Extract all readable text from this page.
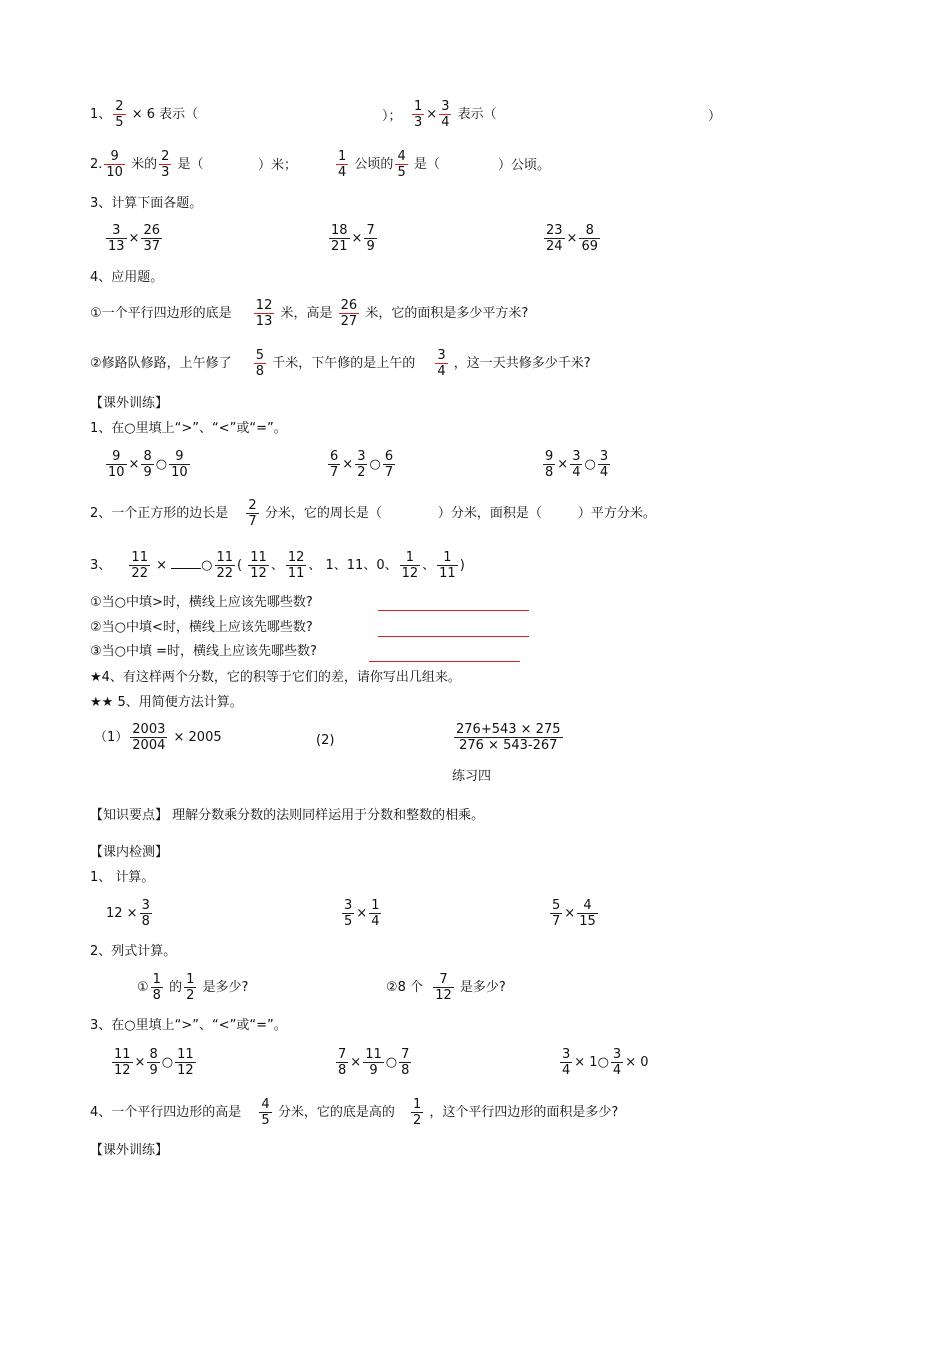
1、 $\frac{2}{5} \times 6$ 表示（	）； $\frac{1}{3} \times \frac{3}{4}$ 表示（	）
2. $\frac{9}{10}$ 米的 $\frac{2}{3}$ 是（	）米；	$\frac{1}{4}$ 公顷的 $\frac{4}{5}$ 是（	）公顷。
3、计算下面各题。
$\frac{3}{13} \times \frac{26}{37}$	$\frac{18}{21} \times \frac{7}{9}$	$\frac{23}{24} \times \frac{8}{69}$
4、应用题。
①一个平行四边形的底是 $\frac{12}{13}$ 米，高是 $\frac{26}{27}$ 米，它的面积是多少平方米?
②修路队修路，上午修了 $\frac{5}{8}$ 千米，下午修的是上午的 $\frac{3}{4}$ ，这一天共修多少千米?
【课外训练】
1、在○里填上“>”、“<”或“=”。
$\frac{9}{10} \times \frac{8}{9}$ ○ $\frac{9}{10}$	$\frac{6}{7} \times \frac{3}{2}$ ○ $\frac{6}{7}$	$\frac{9}{8} \times \frac{3}{4}$ ○ $\frac{3}{4}$
2、一个正方形的边长是 $\frac{2}{7}$ 分米，它的周长是（	）分米，面积是（	）平方分米。
3、 $\frac{11}{22}$ ×	○ $\frac{11}{22}$ ( $\frac{11}{12}$ 、 $\frac{12}{11}$ 、 1、11、0、 $\frac{1}{12}$ 、 $\frac{1}{11}$ )
①当○中填>时，横线上应该先哪些数?
②当○中填<时，横线上应该先哪些数?
③当○中填 =时，横线上应该先哪些数?
★4、有这样两个分数，它的积等于它们的差，请你写出几组来。
★★ 5、用简便方法计算。
$(1) \frac{2003}{2004} \times 2005$	(2)	$\frac{276+543 \times 275}{276 \times 543-267}$
练习四
【知识要点】 理解分数乘分数的法则同样运用于分数和整数的相乘。
【课内检测】
1、 计算。
$12 \times \frac{3}{8}$	$\frac{3}{5} \times \frac{1}{4}$	$\frac{5}{7} \times \frac{4}{15}$
2、列式计算。
① $\frac{1}{8}$ 的 $\frac{1}{2}$ 是多少?	②8 个 $\frac{7}{12}$ 是多少?
3、在○里填上“>”、“<”或“=”。
$\frac{11}{12} \times \frac{8}{9}$ ○ $\frac{11}{12}$	$\frac{7}{8} \times \frac{11}{9}$ ○ $\frac{7}{8}$	$\frac{3}{4}$ × 1○ $\frac{3}{4} \times 0$
4、一个平行四边形的高是 $\frac{4}{5}$ 分米，它的底是高的 $\frac{1}{2}$ ，这个平行四边形的面积是多少?
【课外训练】
